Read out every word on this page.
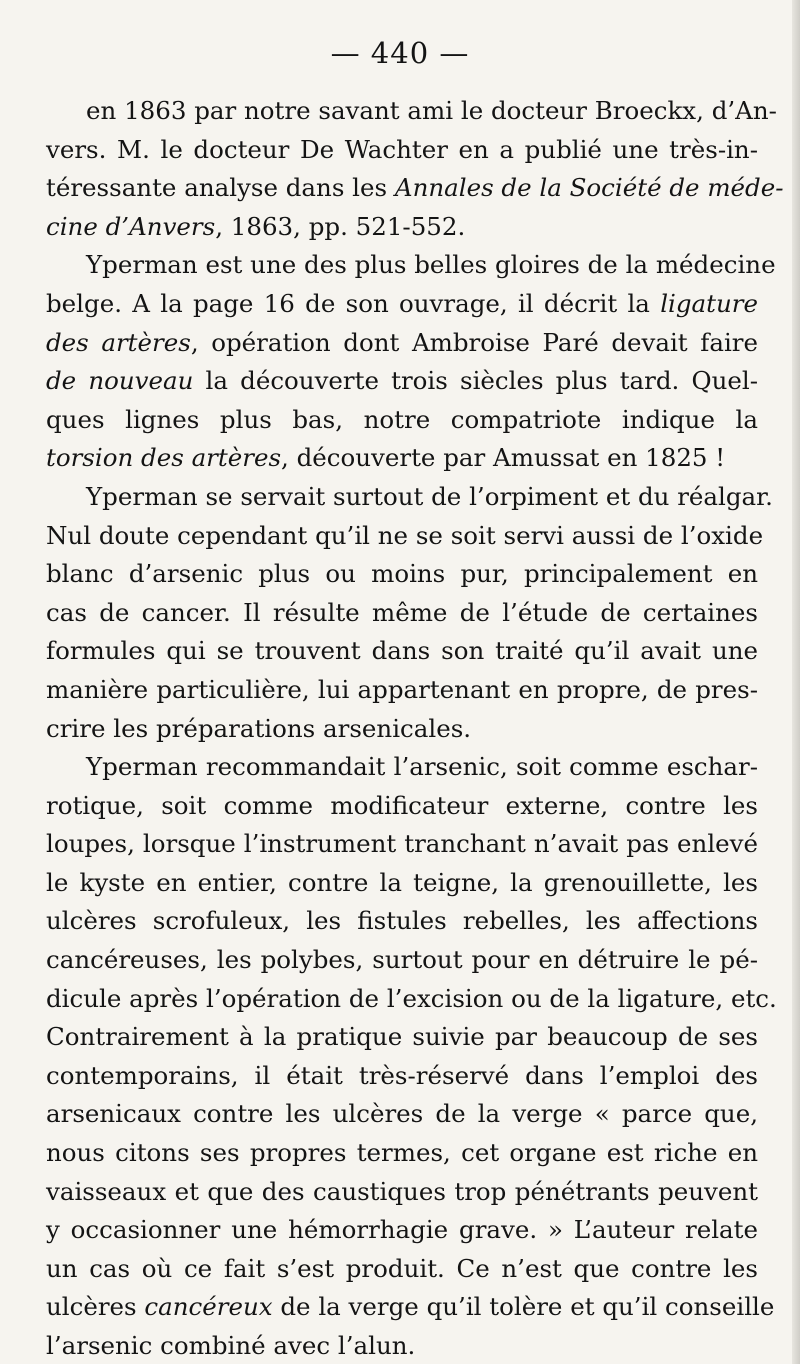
— 440 —
en 1863 par notre savant ami le docteur Broeckx, d’An-
vers. M. le docteur De Wachter en a publié une très-in-
téressante analyse dans les Annales de la Société de méde-
cine d’Anvers, 1863, pp. 521-552.
Yperman est une des plus belles gloires de la médecine
belge. A la page 16 de son ouvrage, il décrit la ligature
des artères, opération dont Ambroise Paré devait faire
de nouveau la découverte trois siècles plus tard. Quel-
ques lignes plus bas, notre compatriote indique la
torsion des artères, découverte par Amussat en 1825 !
Yperman se servait surtout de l’orpiment et du réalgar.
Nul doute cependant qu’il ne se soit servi aussi de l’oxide
blanc d’arsenic plus ou moins pur, principalement en
cas de cancer. Il résulte même de l’étude de certaines
formules qui se trouvent dans son traité qu’il avait une
manière particulière, lui appartenant en propre, de pres-
crire les préparations arsenicales.
Yperman recommandait l’arsenic, soit comme eschar-
rotique, soit comme modificateur externe, contre les
loupes, lorsque l’instrument tranchant n’avait pas enlevé
le kyste en entier, contre la teigne, la grenouillette, les
ulcères scrofuleux, les fistules rebelles, les affections
cancéreuses, les polybes, surtout pour en détruire le pé-
dicule après l’opération de l’excision ou de la ligature, etc.
Contrairement à la pratique suivie par beaucoup de ses
contemporains, il était très-réservé dans l’emploi des
arsenicaux contre les ulcères de la verge « parce que,
nous citons ses propres termes, cet organe est riche en
vaisseaux et que des caustiques trop pénétrants peuvent
y occasionner une hémorrhagie grave. » L’auteur relate
un cas où ce fait s’est produit. Ce n’est que contre les
ulcères cancéreux de la verge qu’il tolère et qu’il conseille
l’arsenic combiné avec l’alun.
